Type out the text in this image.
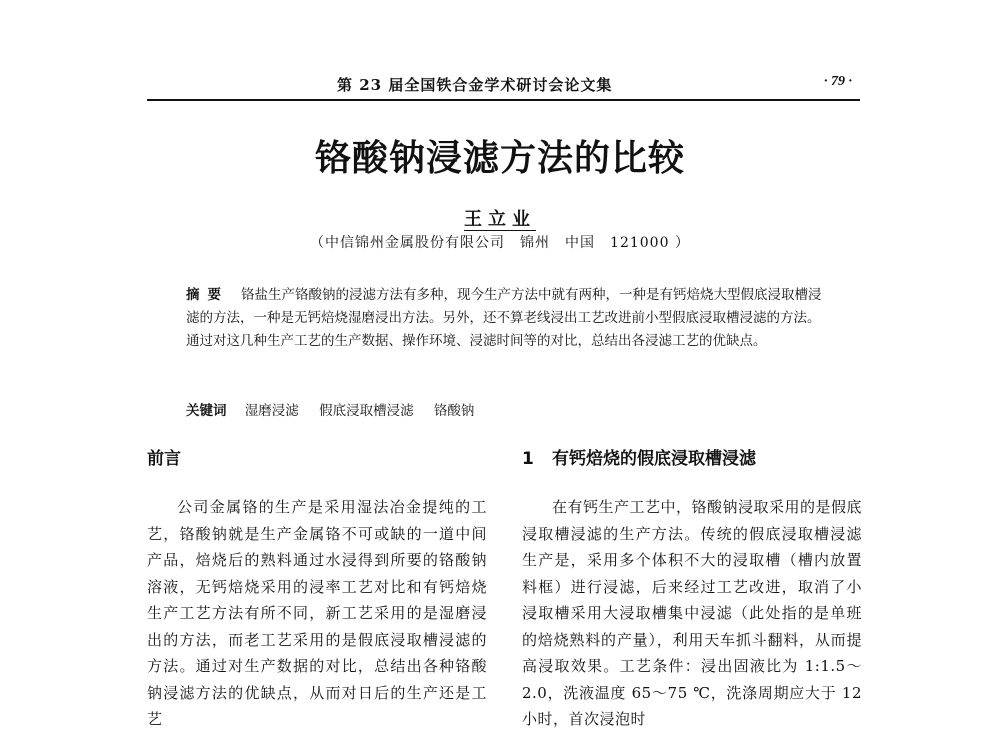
第 23 届全国铁合金学术研讨会论文集	· 79 ·
铬酸钠浸滤方法的比较
王立业
（中信锦州金属股份有限公司　锦州　中国　121000 ）
摘要 铬盐生产铬酸钠的浸滤方法有多种，现今生产方法中就有两种，一种是有钙焙烧大型假底浸取槽浸滤的方法，一种是无钙焙烧湿磨浸出方法。另外，还不算老线浸出工艺改进前小型假底浸取槽浸滤的方法。通过对这几种生产工艺的生产数据、操作环境、浸滤时间等的对比，总结出各浸滤工艺的优缺点。
关键词 湿磨浸滤 假底浸取槽浸滤 铬酸钠
前言
公司金属铬的生产是采用湿法冶金提纯的工艺，铬酸钠就是生产金属铬不可或缺的一道中间产品，焙烧后的熟料通过水浸得到所要的铬酸钠溶液，无钙焙烧采用的浸率工艺对比和有钙焙烧生产工艺方法有所不同，新工艺采用的是湿磨浸出的方法，而老工艺采用的是假底浸取槽浸滤的方法。通过对生产数据的对比，总结出各种铬酸钠浸滤方法的优缺点，从而对日后的生产还是工艺
1 有钙焙烧的假底浸取槽浸滤
在有钙生产工艺中，铬酸钠浸取采用的是假底浸取槽浸滤的生产方法。传统的假底浸取槽浸滤生产是，采用多个体积不大的浸取槽（槽内放置料框）进行浸滤，后来经过工艺改进，取消了小浸取槽采用大浸取槽集中浸滤（此处指的是单班的焙烧熟料的产量），利用天车抓斗翻料，从而提高浸取效果。工艺条件：浸出固液比为 1:1.5～2.0，洗液温度 65～75 ℃，洗涤周期应大于 12 小时，首次浸泡时
